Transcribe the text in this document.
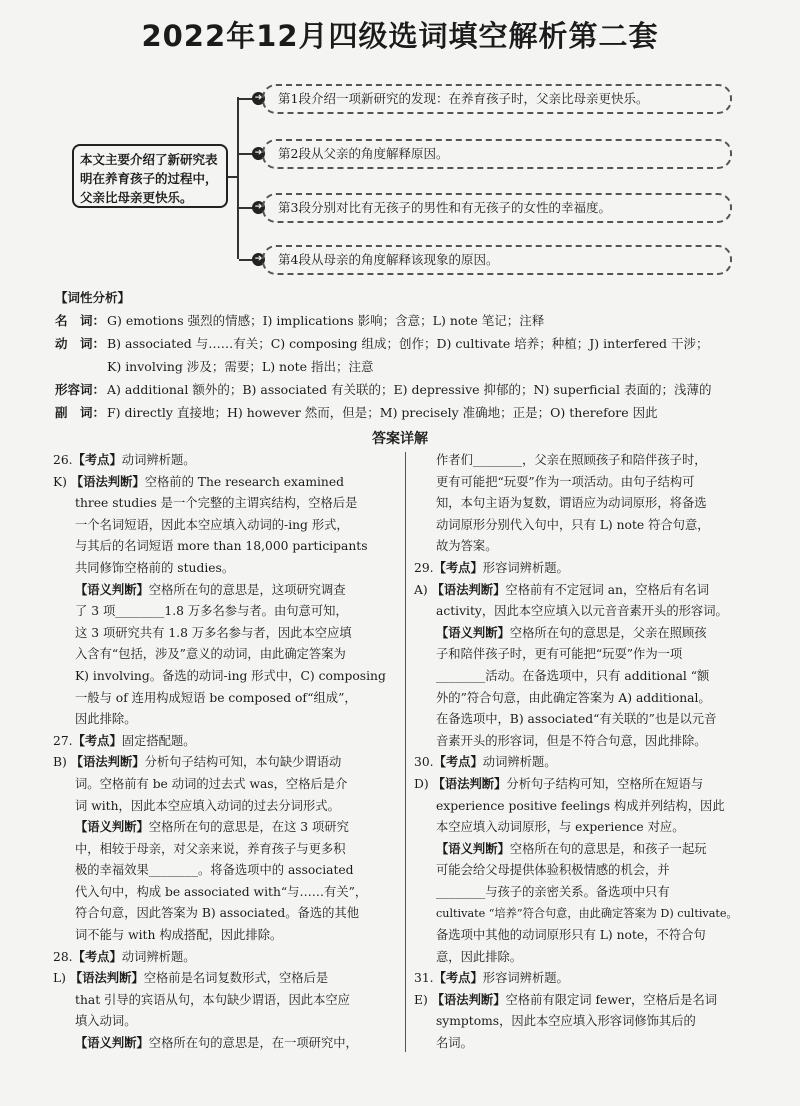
2022年12月四级选词填空解析第二套
本文主要介绍了新研究表明在养育孩子的过程中，父亲比母亲更快乐。
➔	第1段介绍一项新研究的发现：在养育孩子时，父亲比母亲更快乐。
➔	第2段从父亲的角度解释原因。
➔	第3段分别对比有无孩子的男性和有无孩子的女性的幸福度。
➔	第4段从母亲的角度解释该现象的原因。
【词性分析】
名　词： G) emotions 强烈的情感；I) implications 影响；含意；L) note 笔记；注释
动　词： B) associated 与……有关；C) composing 组成；创作；D) cultivate 培养；种植；J) interfered 干涉；
K) involving 涉及；需要；L) note 指出；注意
形容词： A) additional 额外的；B) associated 有关联的；E) depressive 抑郁的；N) superficial 表面的；浅薄的
副　词： F) directly 直接地；H) however 然而，但是；M) precisely 准确地；正是；O) therefore 因此
答案详解

26.【考点】动词辨析题。

K) 【语法判断】空格前的 The research examined

three studies 是一个完整的主谓宾结构，空格后是

一个名词短语，因此本空应填入动词的-ing 形式，

与其后的名词短语 more than 18,000 participants

共同修饰空格前的 studies。

【语义判断】空格所在句的意思是，这项研究调查

了 3 项________1.8 万多名参与者。由句意可知，

这 3 项研究共有 1.8 万多名参与者，因此本空应填

入含有“包括，涉及”意义的动词，由此确定答案为

K) involving。备选的动词-ing 形式中，C) composing

一般与 of 连用构成短语 be composed of“组成”，

因此排除。

27.【考点】固定搭配题。

B) 【语法判断】分析句子结构可知，本句缺少谓语动

词。空格前有 be 动词的过去式 was，空格后是介

词 with，因此本空应填入动词的过去分词形式。

【语义判断】空格所在句的意思是，在这 3 项研究

中，相较于母亲，对父亲来说，养育孩子与更多积

极的幸福效果________。将备选项中的 associated

代入句中，构成 be associated with“与……有关”，

符合句意，因此答案为 B) associated。备选的其他

词不能与 with 构成搭配，因此排除。

28.【考点】动词辨析题。

L) 【语法判断】空格前是名词复数形式，空格后是

that 引导的宾语从句，本句缺少谓语，因此本空应

填入动词。

【语义判断】空格所在句的意思是，在一项研究中，

作者们________，父亲在照顾孩子和陪伴孩子时，

更有可能把“玩耍”作为一项活动。由句子结构可

知，本句主语为复数，谓语应为动词原形，将备选

动词原形分别代入句中，只有 L) note 符合句意，

故为答案。

29.【考点】形容词辨析题。

A) 【语法判断】空格前有不定冠词 an，空格后有名词

activity，因此本空应填入以元音音素开头的形容词。

【语义判断】空格所在句的意思是，父亲在照顾孩

子和陪伴孩子时，更有可能把“玩耍”作为一项

________活动。在备选项中，只有 additional “额

外的”符合句意，由此确定答案为 A) additional。

在备选项中，B) associated“有关联的”也是以元音

音素开头的形容词，但是不符合句意，因此排除。

30.【考点】动词辨析题。

D) 【语法判断】分析句子结构可知，空格所在短语与

experience positive feelings 构成并列结构，因此

本空应填入动词原形，与 experience 对应。

【语义判断】空格所在句的意思是，和孩子一起玩

可能会给父母提供体验积极情感的机会，并

________与孩子的亲密关系。备选项中只有

cultivate “培养”符合句意，由此确定答案为 D) cultivate。

备选项中其他的动词原形只有 L) note，不符合句

意，因此排除。

31.【考点】形容词辨析题。

E) 【语法判断】空格前有限定词 fewer，空格后是名词

symptoms，因此本空应填入形容词修饰其后的

名词。
